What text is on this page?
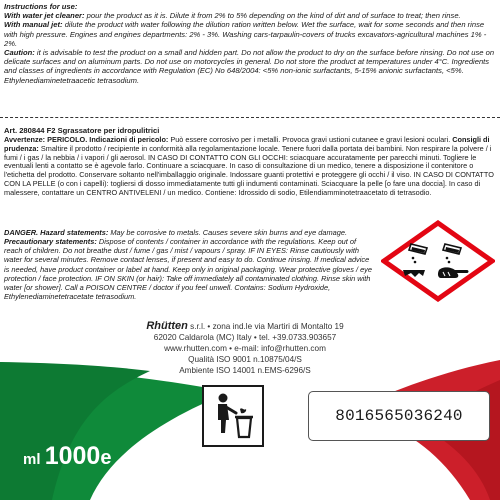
Instructions for use:

With water jet cleaner: pour the product as it is. Dilute it from 2% to 5% depending on the kind of dirt and of surface to treat; then rinse.

With manual jet: dilute the product with water following the dilution ration written below. Wet the surface, wait for some seconds and then rinse with high pressure. Engines and engines departments: 2% - 3%. Washing cars-tarpaulin-covers of trucks excavators-agricultural machines 1% - 2%.

Caution: it is advisable to test the product on a small and hidden part. Do not allow the product to dry on the surface before rinsing. Do not use on delicate surfaces and on aluminum parts. Do not use on motorcycles in general. Do not store the product at temperatures under 4°C. Ingredients and classes of ingredients in accordance with Regulation (EC) No 648/2004: <5% non-ionic surfactants, 5-15% anionic surfactants, <5%. Ethylenediaminetetraacetic tetrasodium.

Art. 280844 F2 Sgrassatore per idropulitrici
Avvertenze: PERICOLO. Indicazioni di pericolo: Può essere corrosivo per i metalli. Provoca gravi ustioni cutanee e gravi lesioni oculari. Consigli di prudenza: Smaltire il prodotto / recipiente in conformità alla regolamentazione locale. Tenere fuori dalla portata dei bambini. Non respirare la polvere / i fumi / i gas / la nebbia / i vapori / gli aerosol. IN CASO DI CONTATTO CON GLI OCCHI: sciacquare accuratamente per parecchi minuti. Togliere le eventuali lenti a contatto se è agevole farlo. Continuare a sciacquare. In caso di consultazione di un medico, tenere a disposizione il contenitore o l'etichetta del prodotto. Conservare soltanto nell'imballaggio originale. Indossare guanti protettivi e proteggere gli occhi / il viso. IN CASO DI CONTATTO CON LA PELLE (o con i capelli): togliersi di dosso immediatamente tutti gli indumenti contaminati. Sciacquare la pelle [o fare una doccia]. In caso di malessere, contattare un CENTRO ANTIVELENI / un medico. Contiene: Idrossido di sodio, Etilendiamminotetraacetato di tetrasodio.
DANGER. Hazard statements: May be corrosive to metals. Causes severe skin burns and eye damage. Precautionary statements: Dispose of contents / container in accordance with the regulations. Keep out of reach of children. Do not breathe dust / fume / gas / mist / vapours / spray. IF IN EYES: Rinse cautiously with water for several minutes. Remove contact lenses, if present and easy to do. Continue rinsing. If medical advice is needed, have product container or label at hand. Keep only in original packaging. Wear protective gloves / eye protection / face protection. IF ON SKIN (or hair): Take off immediately all contaminated clothing. Rinse skin with water [or shower]. Call a POISON CENTRE / doctor if you feel unwell. Contains: Sodium Hydroxide, Ethylenediaminetetracetate tetrasodium.
Rhütten s.r.l. • zona ind.le via Martiri di Montalto 19
62020 Caldarola (MC) Italy • tel. +39.0733.903657
www.rhutten.com • e-mail: info@rhutten.com
Qualità ISO 9001 n.10875/04/S
Ambiente ISO 14001 n.EMS-6296/S
ml 1000e
8016565036240
